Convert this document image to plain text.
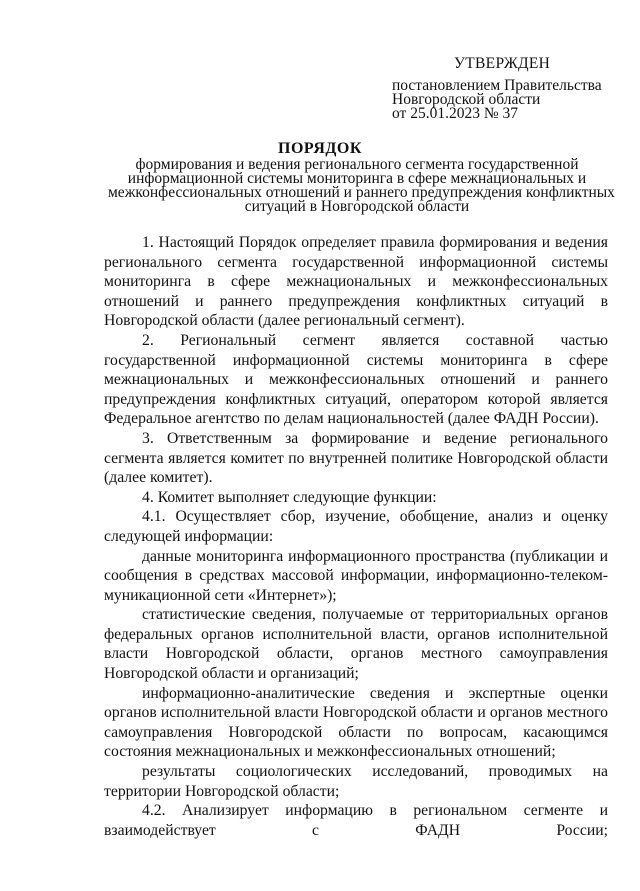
УТВЕРЖДЕН
постановлением Правительства
Новгородской области
от 25.01.2023 № 37
ПОРЯДОК
формирования и ведения регионального сегмента государственной
информационной системы мониторинга в сфере межнациональных и
межконфессиональных отношений и раннего предупреждения конфликтных
ситуаций в Новгородской области

1. Настоящий Порядок определяет правила формирования и ведения регионального сегмента государственной информационной системы мониторинга в сфере межнациональных и межконфессиональных отношений и раннего предупреждения конфликтных ситуаций в Новгородской области (далее региональный сегмент).

2. Региональный сегмент является составной частью государственной информационной системы мониторинга в сфере межнациональных и межконфессиональных отношений и раннего предупреждения конфликтных ситуаций, оператором которой является Федеральное агентство по делам национальностей (далее ФАДН России).

3. Ответственным за формирование и ведение регионального сегмента является комитет по внутренней политике Новгородской области (далее комитет).

4. Комитет выполняет следующие функции:

4.1. Осуществляет сбор, изучение, обобщение, анализ и оценку следующей информации:

данные мониторинга информационного пространства (публикации и сообщения в средствах массовой информации, информационно-телеком-муникационной сети «Интернет»);

статистические сведения, получаемые от территориальных органов федеральных органов исполнительной власти, органов исполнительной власти Новгородской области, органов местного самоуправления Новгородской области и организаций;

информационно-аналитические сведения и экспертные оценки органов исполнительной власти Новгородской области и органов местного самоуправления Новгородской области по вопросам, касающимся состояния межнациональных и межконфессиональных отношений;

результаты социологических исследований, проводимых на территории Новгородской области;

4.2. Анализирует информацию в региональном сегменте и взаимодействует с ФАДН России;
